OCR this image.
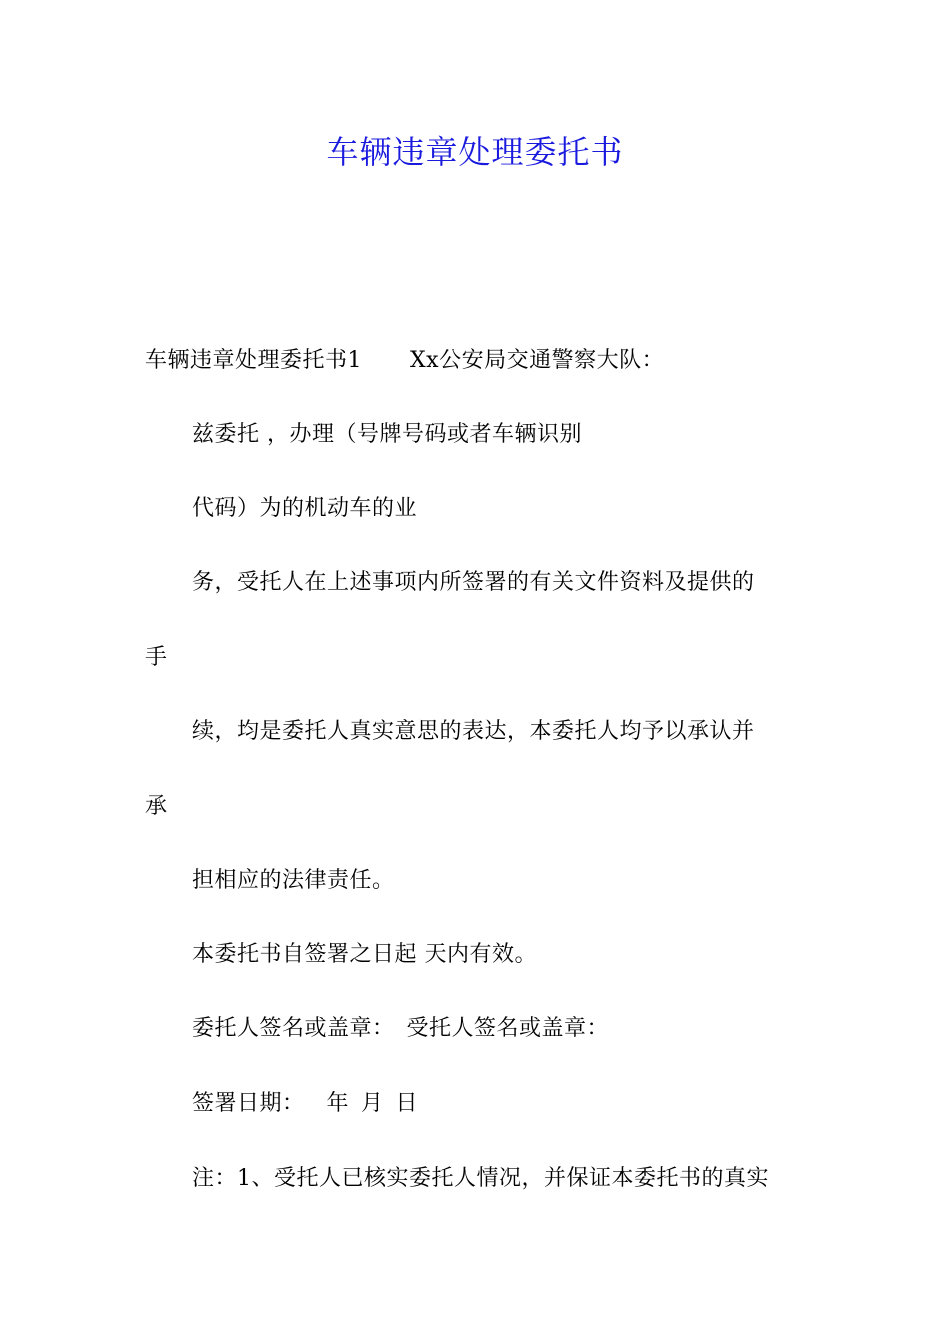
车辆违章处理委托书
车辆违章处理委托书1 Xx公安局交通警察大队：
兹委托 ，办理（号牌号码或者车辆识别
代码）为的机动车的业
务，受托人在上述事项内所签署的有关文件资料及提供的
手
续，均是委托人真实意思的表达，本委托人均予以承认并
承
担相应的法律责任。
本委托书自签署之日起 天内有效。
委托人签名或盖章： 受托人签名或盖章：
签署日期： 年 月 日
注：1、受托人已核实委托人情况，并保证本委托书的真实
